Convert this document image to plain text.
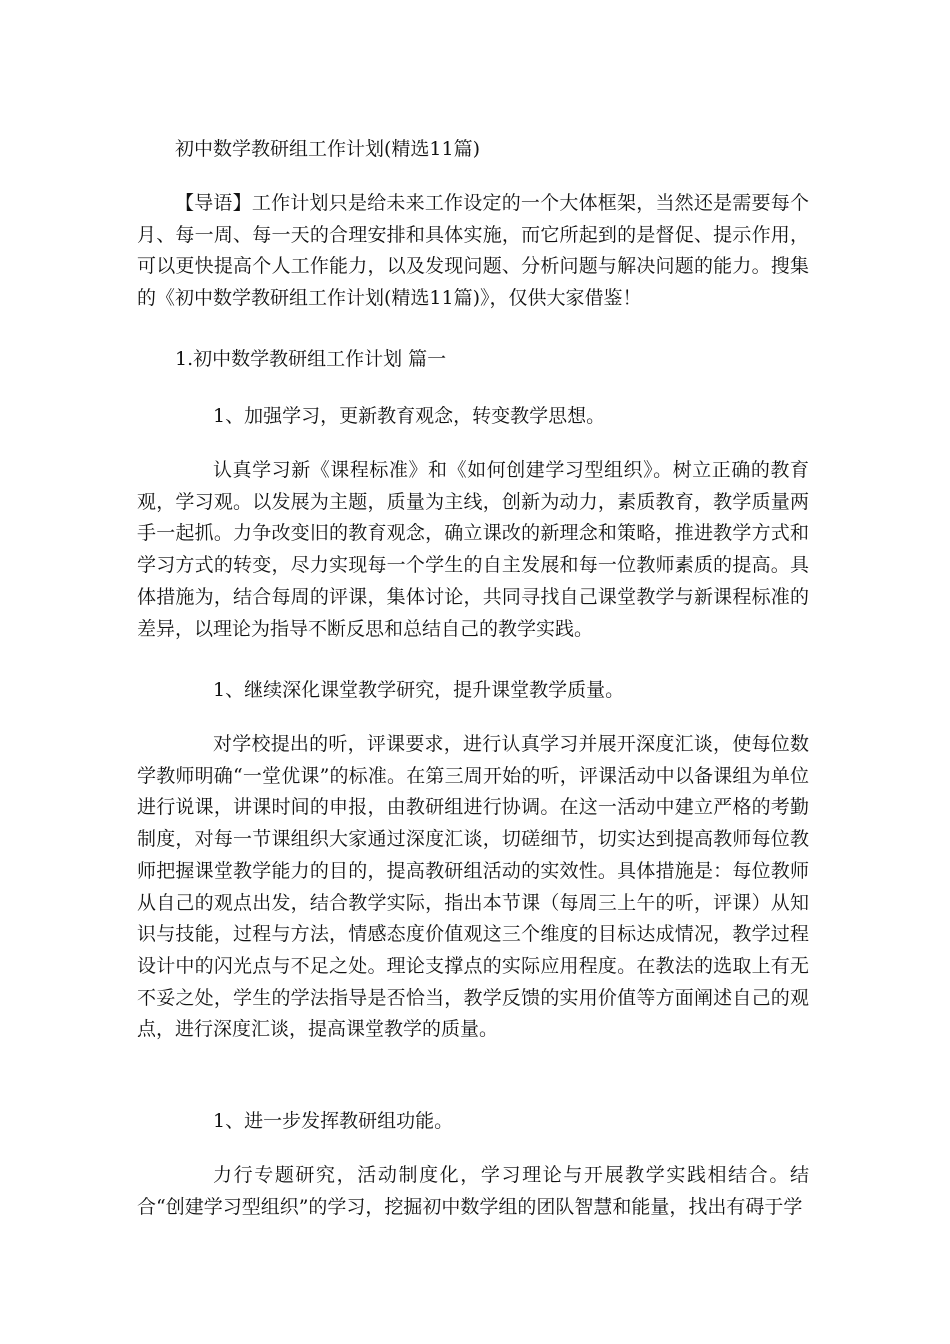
初中数学教研组工作计划(精选11篇)

【导语】工作计划只是给未来工作设定的一个大体框架，当然还是需要每个月、每一周、每一天的合理安排和具体实施，而它所起到的是督促、提示作用，可以更快提高个人工作能力，以及发现问题、分析问题与解决问题的能力。搜集的《初中数学教研组工作计划(精选11篇)》，仅供大家借鉴！

1.初中数学教研组工作计划 篇一
1、加强学习，更新教育观念，转变教学思想。

认真学习新《课程标准》和《如何创建学习型组织》。树立正确的教育观，学习观。以发展为主题，质量为主线，创新为动力，素质教育，教学质量两手一起抓。力争改变旧的教育观念，确立课改的新理念和策略，推进教学方式和学习方式的转变，尽力实现每一个学生的自主发展和每一位教师素质的提高。具体措施为，结合每周的评课，集体讨论，共同寻找自己课堂教学与新课程标准的差异，以理论为指导不断反思和总结自己的教学实践。

1、继续深化课堂教学研究，提升课堂教学质量。

对学校提出的听，评课要求，进行认真学习并展开深度汇谈，使每位数学教师明确“一堂优课”的标准。在第三周开始的听，评课活动中以备课组为单位进行说课，讲课时间的申报，由教研组进行协调。在这一活动中建立严格的考勤制度，对每一节课组织大家通过深度汇谈，切磋细节，切实达到提高教师每位教师把握课堂教学能力的目的，提高教研组活动的实效性。具体措施是：每位教师从自己的观点出发，结合教学实际，指出本节课（每周三上午的听，评课）从知识与技能，过程与方法，情感态度价值观这三个维度的目标达成情况，教学过程设计中的闪光点与不足之处。理论支撑点的实际应用程度。在教法的选取上有无不妥之处，学生的学法指导是否恰当，教学反馈的实用价值等方面阐述自己的观点，进行深度汇谈，提高课堂教学的质量。

1、进一步发挥教研组功能。

力行专题研究，活动制度化，学习理论与开展教学实践相结合。结合“创建学习型组织”的学习，挖掘初中数学组的团队智慧和能量，找出有碍于学
